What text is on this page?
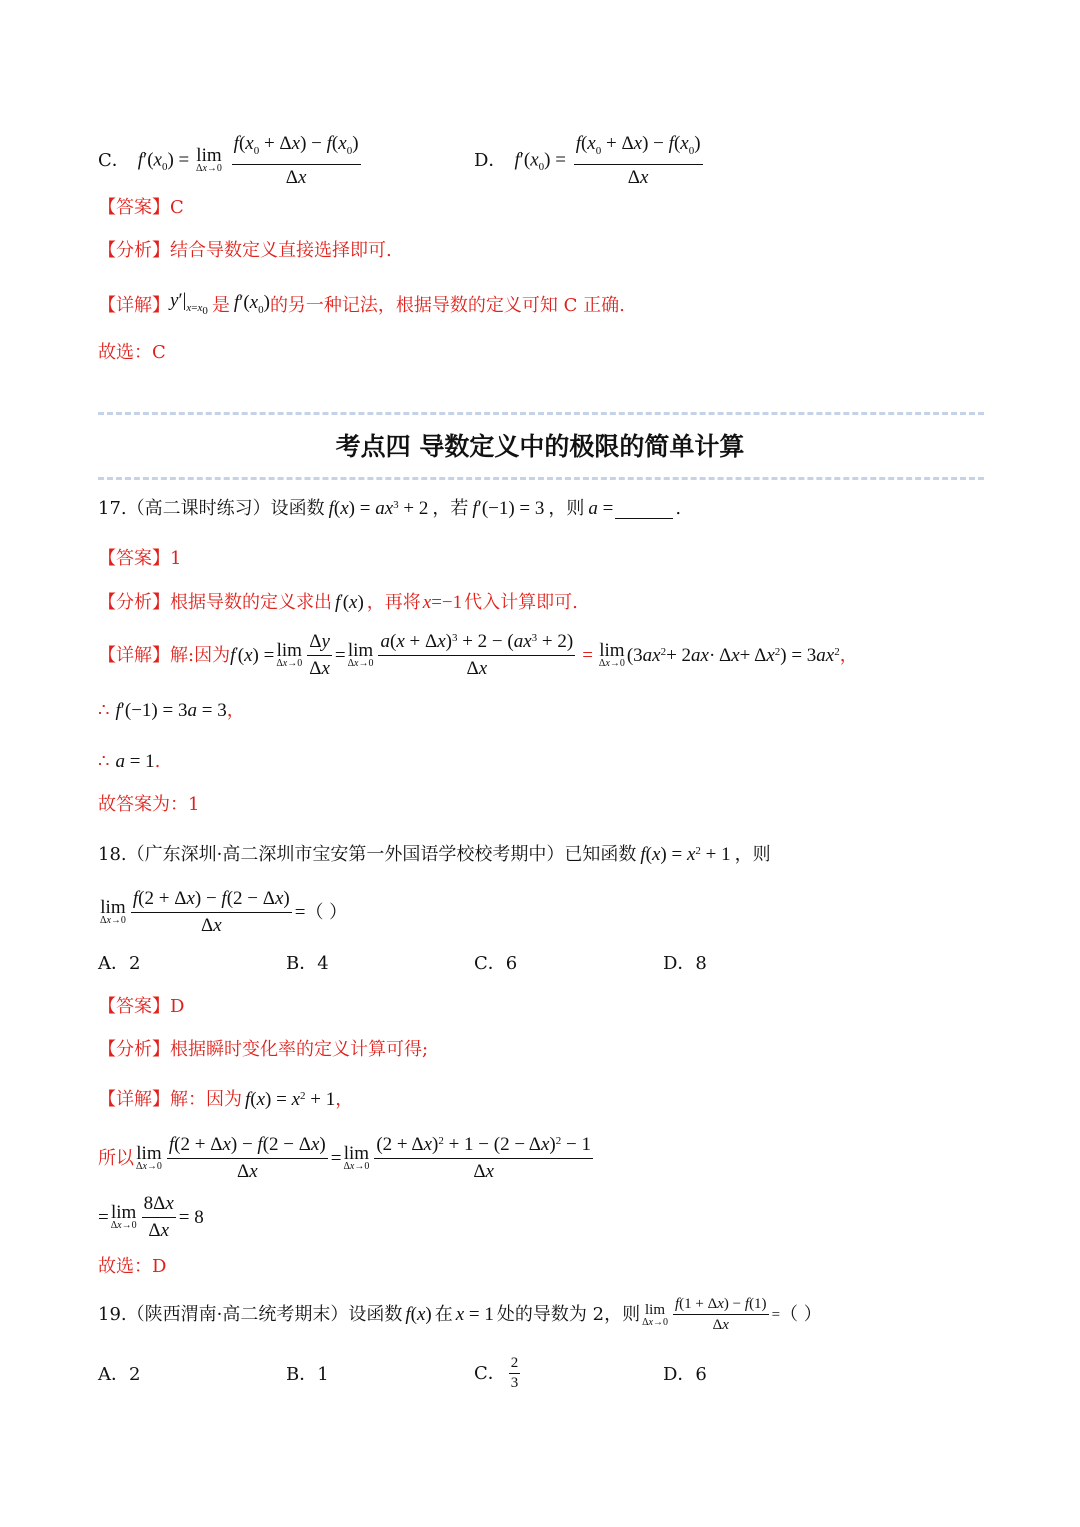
C． $f'(x_0) = \lim$
Δx→0
$\frac{f(x_0 + \Delta x) - f(x_0)}{\Delta x}$	D． $f'(x_0) = \frac{f(x_0 + \Delta x) - f(x_0)}{\Delta x}$
【答案】C
【分析】 结合导数定义直接选择即可.
【详解】 $y'|_{x=x_0}$ 是 $f'(x_0)$ 的另一种记法，根据导数的定义可知 C 正确.
故选：C
考点四 导数定义中的极限的简单计算
17.（高二课时练习）设函数 $f(x) = ax^3 + 2$ ，若 f′(−1) = 3 ，则 a =	.
【答案】1
【分析】 根据导数的定义求出 f′(x) ，再将 x=−1 代入计算即可.
【详解】 解:因为 f′ ( x ) = lim
$\Delta x\to 0 \frac{\Delta y}{\Delta x} = \lim$
$\Delta x\to 0 \frac{a(x + \Delta x)^3 + 2 - (ax^3 + 2)}{\Delta x} = \lim$
Δx→0 (3 $ax^2 + 2$ ax · Δ x + Δ $x^2$ ) = 3 $ax^2$ ，
∴ f′(−1) = 3a = 3 ，
∴ a = 1 .
故答案为：1
18.（广东深圳·高二深圳市宝安第一外国语学校校考期中）已知函数 $f(x) = x^2 + 1$ ，则
lim
$\Delta x\to 0 \frac{f(2 + \Delta x) - f(2 - \Delta x)}{\Delta x}$ = （ ）
A．2	B．4	C．6	D．8
【答案】D
【分析】 根据瞬时变化率的定义计算可得;
【详解】 解：因为 $f(x) = x^2 + 1$ ，
所以 lim
$\Delta x\to 0 \frac{f(2 + \Delta x) - f(2 - \Delta x)}{\Delta x} = \lim$
$\Delta x\to 0 \frac{(2 + \Delta x)^2 + 1 - (2 - \Delta x)^2 - 1}{\Delta x}$
= lim
$\Delta x\to 0 \frac{8\Delta x}{\Delta x} = 8$
故选：D
19.（陕西渭南·高二统考期末）设函数 f(x) 在 x = 1 处的导数为 2，则 lim
$\Delta x\to 0 \frac{f(1 + \Delta x) - f(1)}{\Delta x}$ = （ ）
A．2	B．1	C． $\frac{2}{3}$	D．6
